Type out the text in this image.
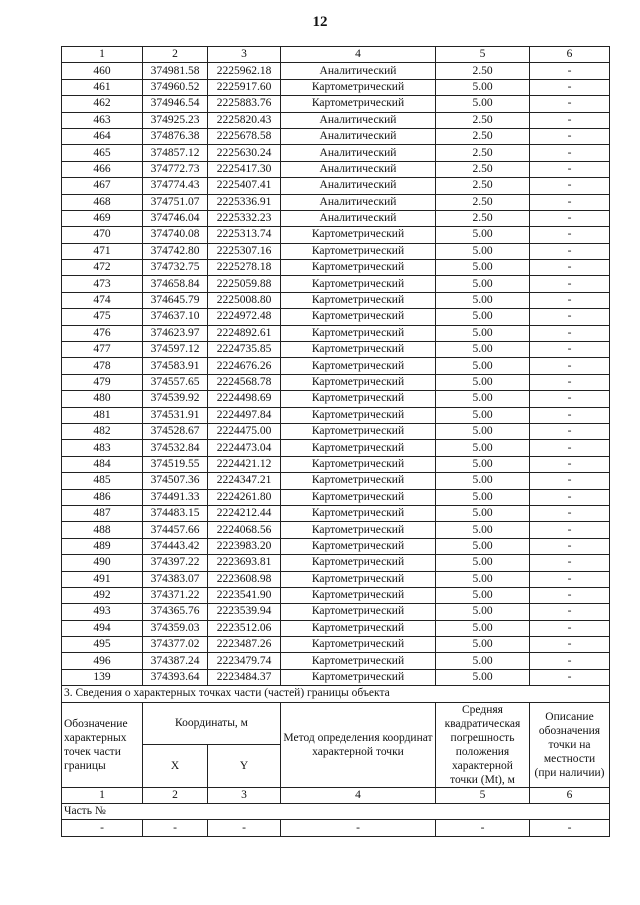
12
1	2	3	4	5	6
460	374981.58	2225962.18	Аналитический	2.50	-
461	374960.52	2225917.60	Картометрический	5.00	-
462	374946.54	2225883.76	Картометрический	5.00	-
463	374925.23	2225820.43	Аналитический	2.50	-
464	374876.38	2225678.58	Аналитический	2.50	-
465	374857.12	2225630.24	Аналитический	2.50	-
466	374772.73	2225417.30	Аналитический	2.50	-
467	374774.43	2225407.41	Аналитический	2.50	-
468	374751.07	2225336.91	Аналитический	2.50	-
469	374746.04	2225332.23	Аналитический	2.50	-
470	374740.08	2225313.74	Картометрический	5.00	-
471	374742.80	2225307.16	Картометрический	5.00	-
472	374732.75	2225278.18	Картометрический	5.00	-
473	374658.84	2225059.88	Картометрический	5.00	-
474	374645.79	2225008.80	Картометрический	5.00	-
475	374637.10	2224972.48	Картометрический	5.00	-
476	374623.97	2224892.61	Картометрический	5.00	-
477	374597.12	2224735.85	Картометрический	5.00	-
478	374583.91	2224676.26	Картометрический	5.00	-
479	374557.65	2224568.78	Картометрический	5.00	-
480	374539.92	2224498.69	Картометрический	5.00	-
481	374531.91	2224497.84	Картометрический	5.00	-
482	374528.67	2224475.00	Картометрический	5.00	-
483	374532.84	2224473.04	Картометрический	5.00	-
484	374519.55	2224421.12	Картометрический	5.00	-
485	374507.36	2224347.21	Картометрический	5.00	-
486	374491.33	2224261.80	Картометрический	5.00	-
487	374483.15	2224212.44	Картометрический	5.00	-
488	374457.66	2224068.56	Картометрический	5.00	-
489	374443.42	2223983.20	Картометрический	5.00	-
490	374397.22	2223693.81	Картометрический	5.00	-
491	374383.07	2223608.98	Картометрический	5.00	-
492	374371.22	2223541.90	Картометрический	5.00	-
493	374365.76	2223539.94	Картометрический	5.00	-
494	374359.03	2223512.06	Картометрический	5.00	-
495	374377.02	2223487.26	Картометрический	5.00	-
496	374387.24	2223479.74	Картометрический	5.00	-
139	374393.64	2223484.37	Картометрический	5.00	-
3. Сведения о характерных точках части (частей) границы объекта					
Обозначение характерных точек части границы	Координаты, м		Метод определения координат характерной точки	Средняя квадратическая погрешность положения характерной точки (Mt), м	Описание обозначения точки на местности (при наличии)
	X	Y			
1	2	3	4	5	6
Часть №					
-	-	-	-	-	-
